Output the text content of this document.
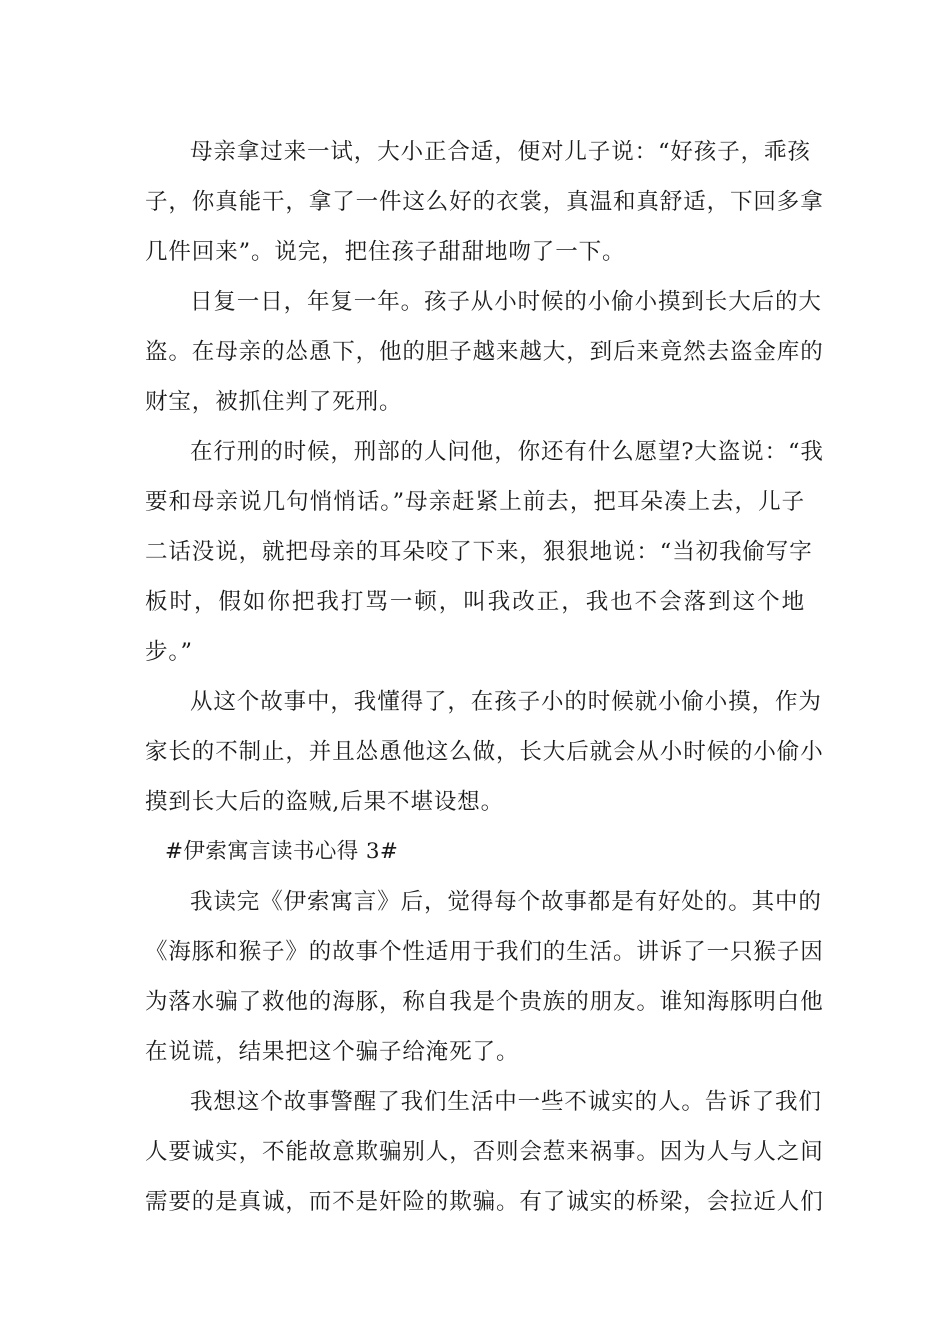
母亲拿过来一试，大小正合适，便对儿子说：“好孩子，乖孩
子，你真能干，拿了一件这么好的衣裳，真温和真舒适，下回多拿
几件回来”。说完，把住孩子甜甜地吻了一下。

日复一日，年复一年。孩子从小时候的小偷小摸到长大后的大
盗。在母亲的怂恿下，他的胆子越来越大，到后来竟然去盗金库的
财宝，被抓住判了死刑。

在行刑的时候，刑部的人问他，你还有什么愿望?大盗说：“我
要和母亲说几句悄悄话。”母亲赶紧上前去，把耳朵凑上去，儿子
二话没说，就把母亲的耳朵咬了下来，狠狠地说：“当初我偷写字
板时，假如你把我打骂一顿，叫我改正，我也不会落到这个地
步。”

从这个故事中，我懂得了，在孩子小的时候就小偷小摸，作为
家长的不制止，并且怂恿他这么做，长大后就会从小时候的小偷小
摸到长大后的盗贼,后果不堪设想。

#伊索寓言读书心得 3#

我读完《伊索寓言》后，觉得每个故事都是有好处的。其中的
《海豚和猴子》的故事个性适用于我们的生活。讲诉了一只猴子因
为落水骗了救他的海豚，称自我是个贵族的朋友。谁知海豚明白他
在说谎，结果把这个骗子给淹死了。

我想这个故事警醒了我们生活中一些不诚实的人。告诉了我们
人要诚实，不能故意欺骗别人，否则会惹来祸事。因为人与人之间
需要的是真诚，而不是奸险的欺骗。有了诚实的桥梁，会拉近人们
